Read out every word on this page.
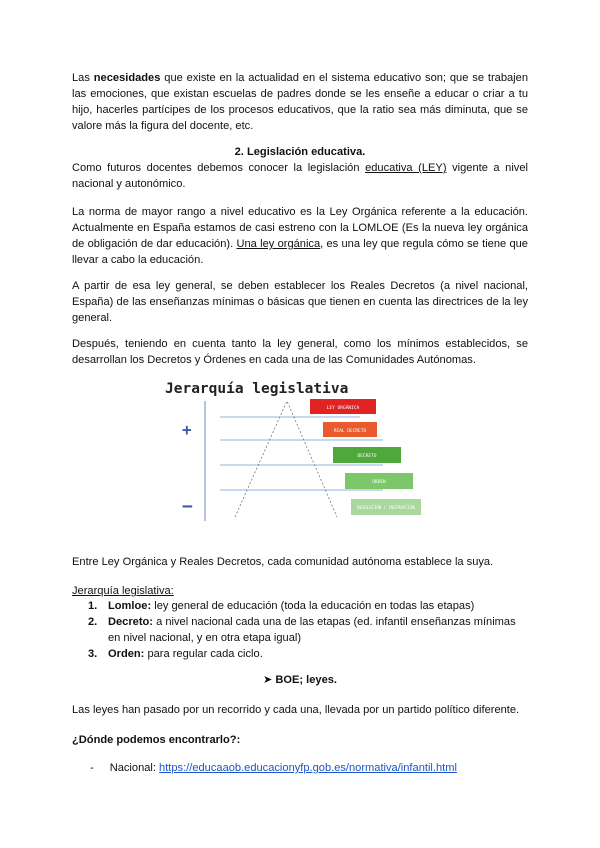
Las necesidades que existe en la actualidad en el sistema educativo son; que se trabajen las emociones, que existan escuelas de padres donde se les enseñe a educar o criar a tu hijo, hacerles partícipes de los procesos educativos, que la ratio sea más diminuta, que se valore más la figura del docente, etc.

2. Legislación educativa.

Como futuros docentes debemos conocer la legislación educativa (LEY) vigente a nivel nacional y autonómico.

La norma de mayor rango a nivel educativo es la Ley Orgánica referente a la educación. Actualmente en España estamos de casi estreno con la LOMLOE (Es la nueva ley orgánica de obligación de dar educación). Una ley orgánica, es una ley que regula cómo se tiene que llevar a cabo la educación.

A partir de esa ley general, se deben establecer los Reales Decretos (a nivel nacional, España) de las enseñanzas mínimas o básicas que tienen en cuenta las directrices de la ley general.

Después, teniendo en cuenta tanto la ley general, como los mínimos establecidos, se desarrollan los Decretos y Órdenes en cada una de las Comunidades Autónomas.

Jerarquía legislativa
+
−
LEY ORGÁNICA
REAL DECRETO
DECRETO
ORDEN
RESOLUCIÓN / INSTRUCCIÓN

Entre Ley Orgánica y Reales Decretos, cada comunidad autónoma establece la suya.

Jerarquía legislativa:

1. Lomloe: ley general de educación (toda la educación en todas las etapas)
2. Decreto: a nivel nacional cada una de las etapas (ed. infantil enseñanzas mínimas en nivel nacional, y en otra etapa igual)
3. Orden: para regular cada ciclo.

➤ BOE; leyes.

Las leyes han pasado por un recorrido y cada una, llevada por un partido político diferente.

¿Dónde podemos encontrarlo?:

- Nacional: https://educaaob.educacionyfp.gob.es/normativa/infantil.html
